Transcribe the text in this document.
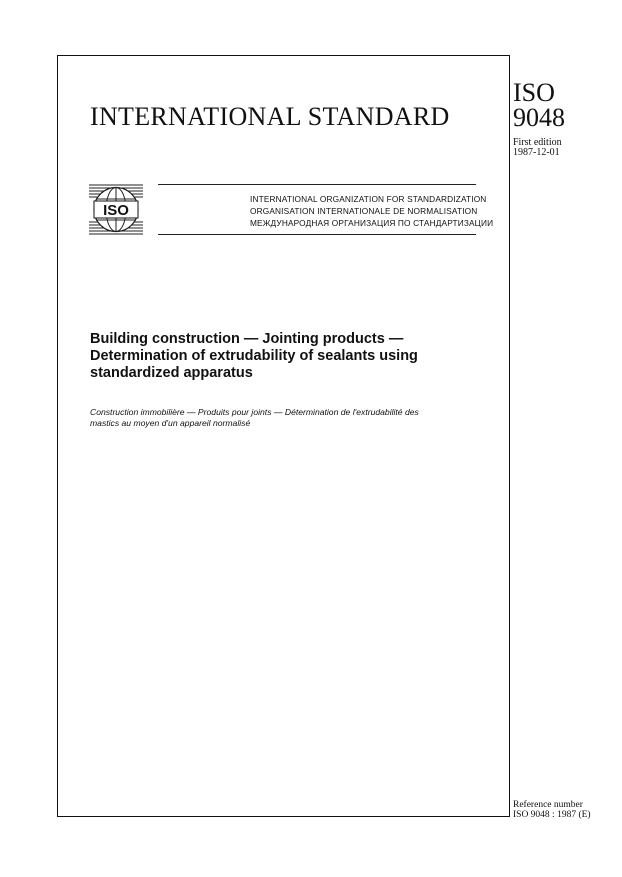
INTERNATIONAL STANDARD
ISO
9048
First edition
1987-12-01
ISO
INTERNATIONAL ORGANIZATION FOR STANDARDIZATION
ORGANISATION INTERNATIONALE DE NORMALISATION
МЕЖДУНАРОДНАЯ ОРГАНИЗАЦИЯ ПО СТАНДАРТИЗАЦИИ
Building construction — Jointing products —
Determination of extrudability of sealants using
standardized apparatus
Construction immobilière — Produits pour joints — Détermination de l'extrudabilité des
mastics au moyen d'un appareil normalisé
Reference number
ISO 9048 : 1987 (E)
